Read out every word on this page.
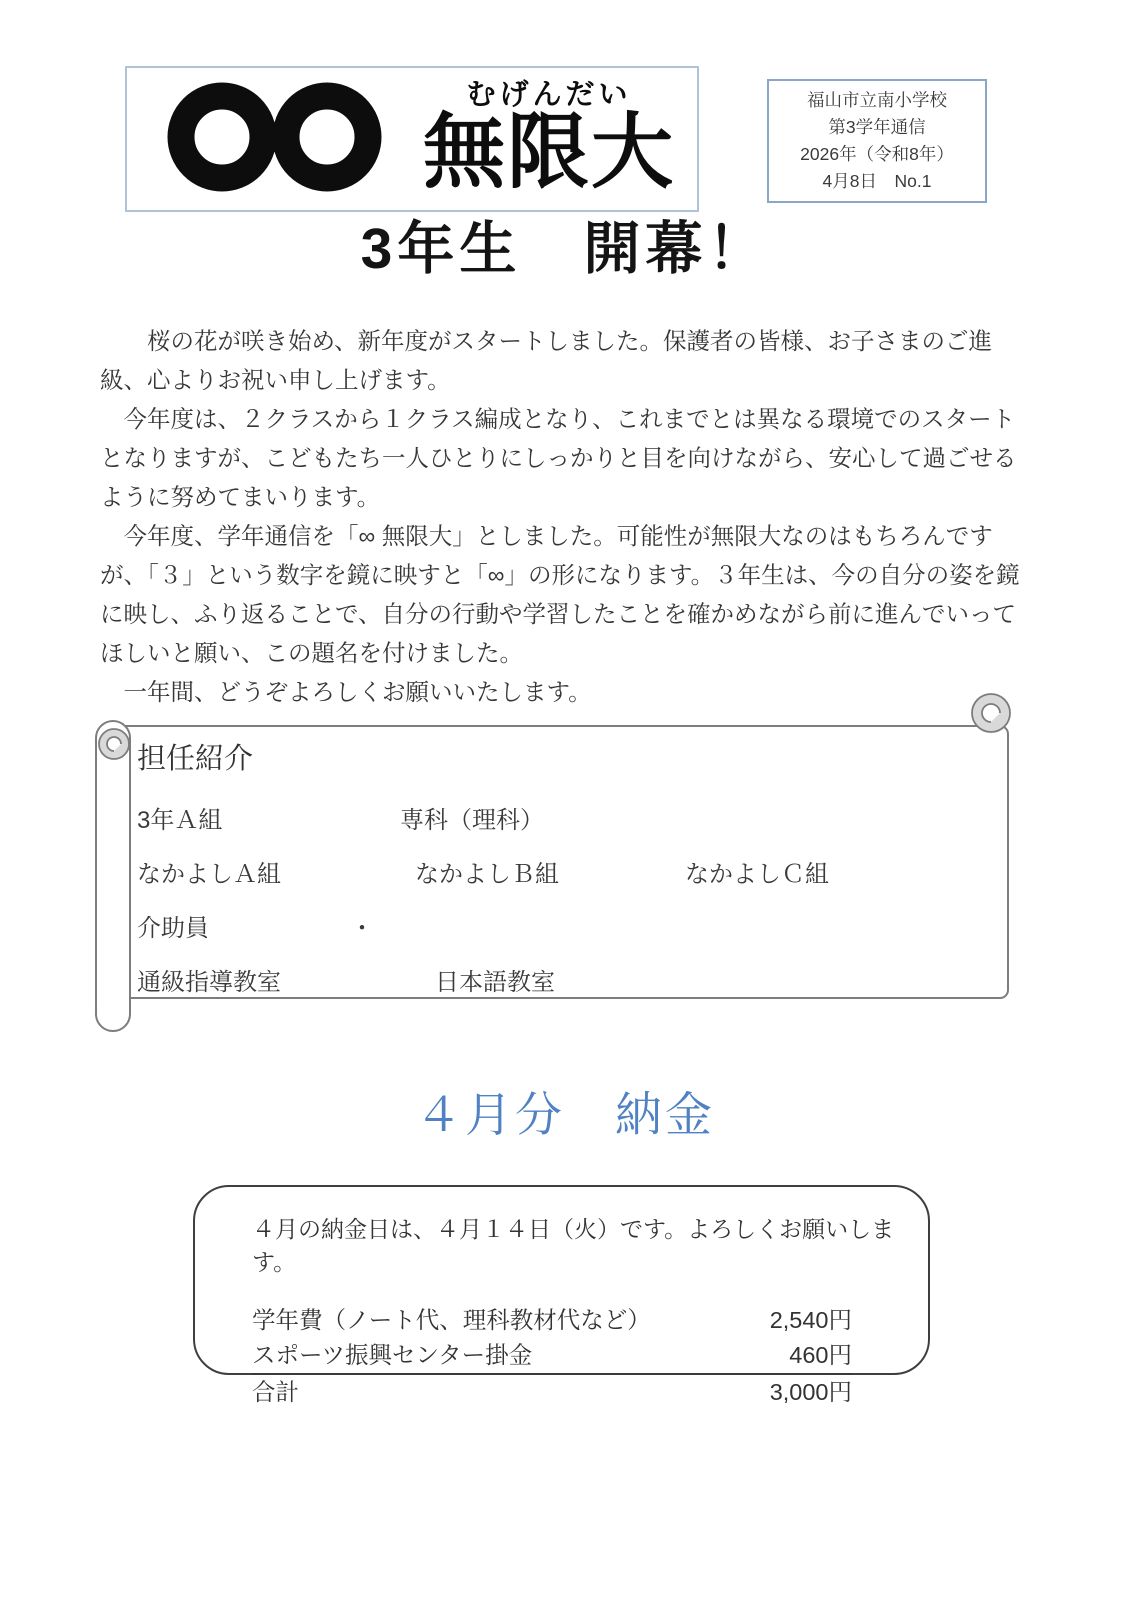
むげんだい
無限大
福山市立南小学校
第3学年通信
2026年（令和8年）
4月8日　No.1
3年生　開幕！

　　桜の花が咲き始め、新年度がスタートしました。保護者の皆様、お子さまのご進級、心よりお祝い申し上げます。

　今年度は、２クラスから１クラス編成となり、これまでとは異なる環境でのスタートとなりますが、こどもたち一人ひとりにしっかりと目を向けながら、安心して過ごせるように努めてまいります。

　今年度、学年通信を「∞ 無限大」としました。可能性が無限大なのはもちろんですが、「３」という数字を鏡に映すと「∞」の形になります。３年生は、今の自分の姿を鏡に映し、ふり返ることで、自分の行動や学習したことを確かめながら前に進んでいってほしいと願い、この題名を付けました。

　一年間、どうぞよろしくお願いいたします。

担任紹介
3年Ａ組	専科（理科）
なかよしＡ組	なかよしＢ組	なかよしＣ組
介助員	・
通級指導教室	日本語教室
４月分　納金
４月の納金日は、４月１４日（火）です。よろしくお願いします。
学年費（ノート代、理科教材代など）	2,540円
スポーツ振興センター掛金	460円
合計	3,000円
